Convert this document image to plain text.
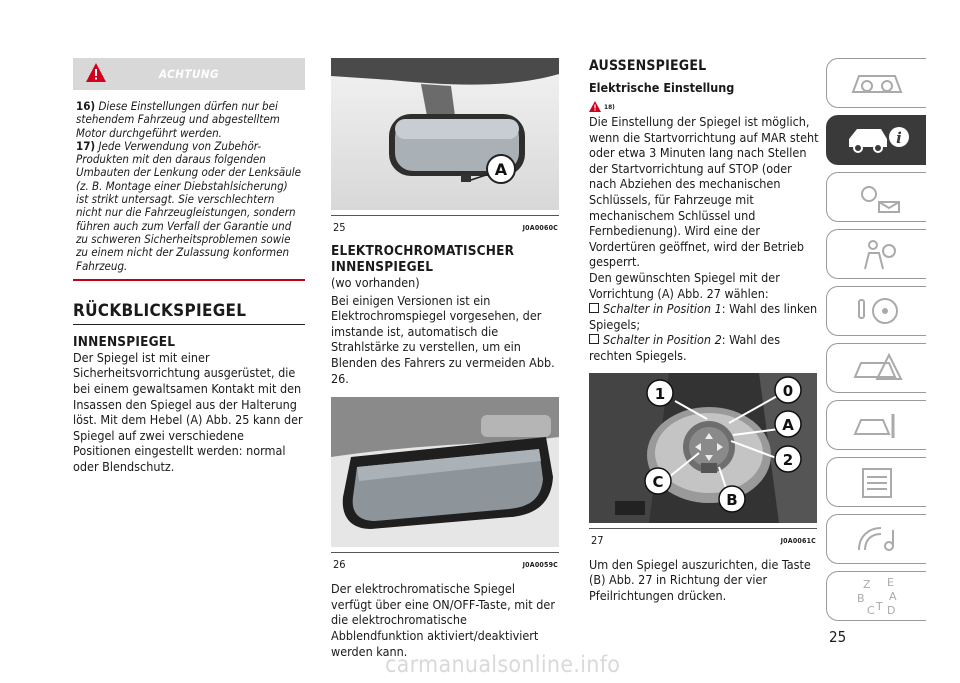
ACHTUNG

16) Diese Einstellungen dürfen nur bei stehendem Fahrzeug und abgestelltem Motor durchgeführt werden.

17) Jede Verwendung von Zubehör-Produkten mit den daraus folgenden Umbauten der Lenkung oder der Lenksäule (z. B. Montage einer Diebstahlsicherung) ist strikt untersagt. Sie verschlechtern nicht nur die Fahrzeugleistungen, sondern führen auch zum Verfall der Garantie und zu schweren Sicherheitsproblemen sowie zu einem nicht der Zulassung konformen Fahrzeug.

RÜCKBLICKSPIEGEL
INNENSPIEGEL

Der Spiegel ist mit einer Sicherheitsvorrichtung ausgerüstet, die bei einem gewaltsamen Kontakt mit den Insassen den Spiegel aus der Halterung löst. Mit dem Hebel (A) Abb. 25 kann der Spiegel auf zwei verschiedene Positionen eingestellt werden: normal oder Blendschutz.

A
25	J0A0060C
ELEKTROCHROMATISCHER
INNENSPIEGEL

(wo vorhanden)

Bei einigen Versionen ist ein Elektrochromspiegel vorgesehen, der imstande ist, automatisch die Strahlstärke zu verstellen, um ein Blenden des Fahrers zu vermeiden Abb. 26.

26	J0A0059C

Der elektrochromatische Spiegel verfügt über eine ON/OFF-Taste, mit der die elektrochromatische Abblendfunktion aktiviert/deaktiviert werden kann.

AUSSENSPIEGEL
Elektrische Einstellung
18)

Die Einstellung der Spiegel ist möglich, wenn die Startvorrichtung auf MAR steht oder etwa 3 Minuten lang nach Stellen der Startvorrichtung auf STOP (oder nach Abziehen des mechanischen Schlüssels, für Fahrzeuge mit mechanischem Schlüssel und Fernbedienung). Wird eine der Vordertüren geöffnet, wird der Betrieb gesperrt.

Den gewünschten Spiegel mit der Vorrichtung (A) Abb. 27 wählen:

Schalter in Position 1: Wahl des linken Spiegels;

Schalter in Position 2: Wahl des rechten Spiegels.

1	0
A
2
C
B
27	J0A0061C

Um den Spiegel auszurichten, die Taste (B) Abb. 27 in Richtung der vier Pfeilrichtungen drücken.

i
Z E
B A
C T D
25
carmanualsonline.info
